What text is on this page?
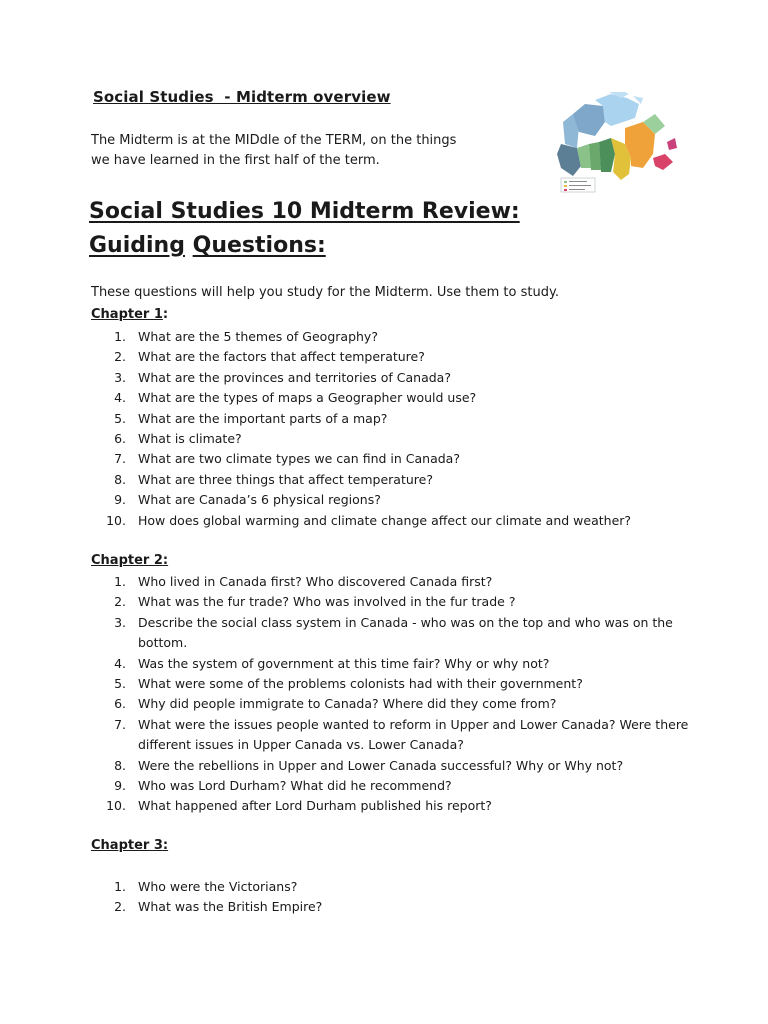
Social Studies  - Midterm overview
The Midterm is at the MIDdle of the TERM, on the things
we have learned in the first half of the term.
Social Studies 10 Midterm Review:
Guiding Questions:
These questions will help you study for the Midterm. Use them to study.
Chapter 1:
1. What are the 5 themes of Geography?
2. What are the factors that affect temperature?
3. What are the provinces and territories of Canada?
4. What are the types of maps a Geographer would use?
5. What are the important parts of a map?
6. What is climate?
7. What are two climate types we can find in Canada?
8. What are three things that affect temperature?
9. What are Canada’s 6 physical regions?
10. How does global warming and climate change affect our climate and weather?
Chapter 2:
1. Who lived in Canada first? Who discovered Canada first?
2. What was the fur trade? Who was involved in the fur trade ?
3. Describe the social class system in Canada - who was on the top and who was on the bottom.
4. Was the system of government at this time fair? Why or why not?
5. What were some of the problems colonists had with their government?
6. Why did people immigrate to Canada? Where did they come from?
7. What were the issues people wanted to reform in Upper and Lower Canada? Were there different issues in Upper Canada vs. Lower Canada?
8. Were the rebellions in Upper and Lower Canada successful? Why or Why not?
9. Who was Lord Durham? What did he recommend?
10. What happened after Lord Durham published his report?
Chapter 3:
1. Who were the Victorians?
2. What was the British Empire?
